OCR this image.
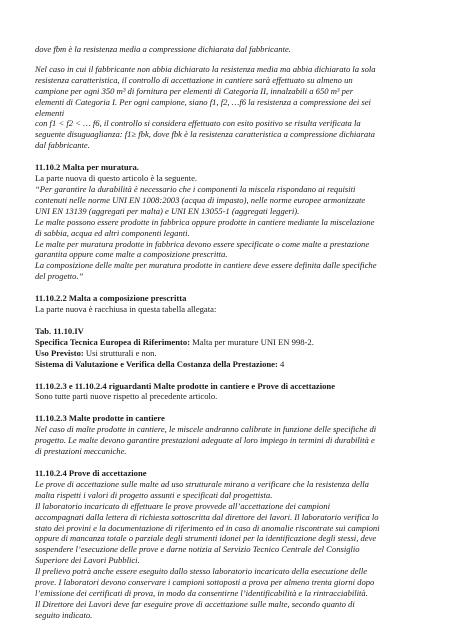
dove fbm è la resistenza media a compressione dichiarata dal fabbricante.

Nel caso in cui il fabbricante non abbia dichiarato la resistenza media ma abbia dichiarato la sola

resistenza caratteristica, il controllo di accettazione in cantiere sarà effettuato su almeno un

campione per ogni 350 m³ di fornitura per elementi di Categoria II, innalzabili a 650 m³ per

elementi di Categoria I. Per ogni campione, siano f1, f2, …f6 la resistenza a compressione dei sei

elementi

con f1 < f2 < … f6, il controllo si considera effettuato con esito positivo se risulta verificata la

seguente disuguaglianza: f1≥ fbk, dove fbk è la resistenza caratteristica a compressione dichiarata

dal fabbricante.

11.10.2 Malta per muratura.

La parte nuova di questo articolo è la seguente.

“Per garantire la durabilità è necessario che i componenti la miscela rispondano ai requisiti

contenuti nelle norme UNI EN 1008:2003 (acqua di impasto), nelle norme europee armonizzate

UNI EN 13139 (aggregati per malta) e UNI EN 13055-1 (aggregati leggeri).

Le malte possono essere prodotte in fabbrica oppure prodotte in cantiere mediante la miscelazione

di sabbia, acqua ed altri componenti leganti.

Le malte per muratura prodotte in fabbrica devono essere specificate o come malte a prestazione

garantita oppure come malte a composizione prescritta.

La composizione delle malte per muratura prodotte in cantiere deve essere definita dalle specifiche

del progetto.”

11.10.2.2 Malta a composizione prescritta

La parte nuova è racchiusa in questa tabella allegata:

Tab. 11.10.IV

Specifica Tecnica Europea di Riferimento: Malta per murature UNI EN 998-2.

Uso Previsto: Usi strutturali e non.

Sistema di Valutazione e Verifica della Costanza della Prestazione: 4

11.10.2.3 e 11.10.2.4 riguardanti Malte prodotte in cantiere e Prove di accettazione

Sono tutte parti nuove rispetto al precedente articolo.

11.10.2.3 Malte prodotte in cantiere

Nel caso di malte prodotte in cantiere, le miscele andranno calibrate in funzione delle specifiche di

progetto. Le malte devono garantire prestazioni adeguate al loro impiego in termini di durabilità e

di prestazioni meccaniche.

11.10.2.4 Prove di accettazione

Le prove di accettazione sulle malte ad uso strutturale mirano a verificare che la resistenza della

malta rispetti i valori di progetto assunti e specificati dal progettista.

Il laboratorio incaricato di effettuare le prove provvede all’accettazione dei campioni

accompagnati dalla lettera di richiesta sottoscritta dal direttore dei lavori. Il laboratorio verifica lo

stato dei provini e la documentazione di riferimento ed in caso di anomalie riscontrate sui campioni

oppure di mancanza totale o parziale degli strumenti idonei per la identificazione degli stessi, deve

sospendere l’esecuzione delle prove e darne notizia al Servizio Tecnico Centrale del Consiglio

Superiore dei Lavori Pubblici.

Il prelievo potrà anche essere eseguito dallo stesso laboratorio incaricato della esecuzione delle

prove. I laboratori devono conservare i campioni sottoposti a prova per almeno trenta giorni dopo

l’emissione dei certificati di prova, in modo da consentirne l’identificabilità e la rintracciabilità.

Il Direttore dei Lavori deve far eseguire prove di accettazione sulle malte, secondo quanto di

seguito indicato.
